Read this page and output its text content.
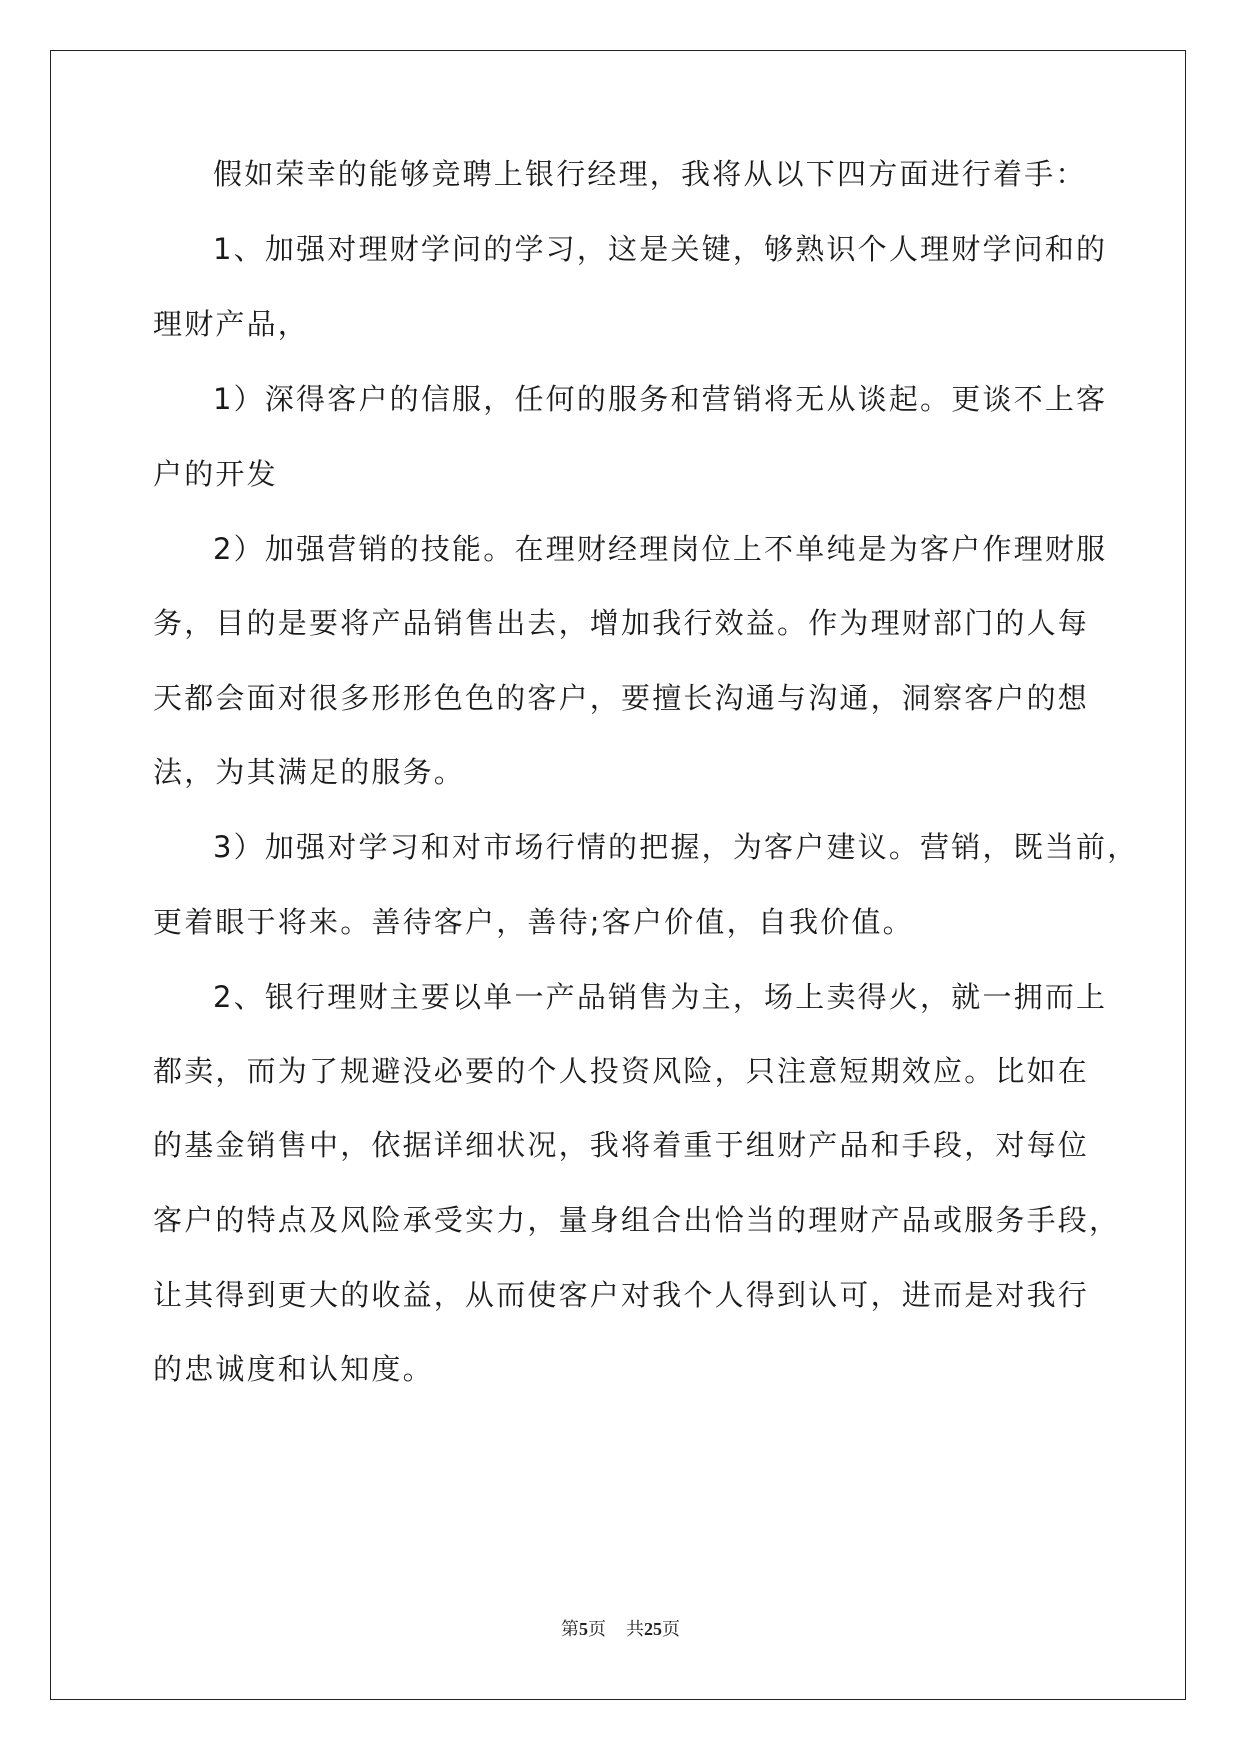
假如荣幸的能够竞聘上银行经理，我将从以下四方面进行着手：
1、加强对理财学问的学习，这是关键，够熟识个人理财学问和的
理财产品，
1）深得客户的信服，任何的服务和营销将无从谈起。更谈不上客
户的开发
2）加强营销的技能。在理财经理岗位上不单纯是为客户作理财服
务，目的是要将产品销售出去，增加我行效益。作为理财部门的人每
天都会面对很多形形色色的客户，要擅长沟通与沟通，洞察客户的想
法，为其满足的服务。
3）加强对学习和对市场行情的把握，为客户建议。营销，既当前，
更着眼于将来。善待客户，善待;客户价值，自我价值。
2、银行理财主要以单一产品销售为主，场上卖得火，就一拥而上
都卖，而为了规避没必要的个人投资风险，只注意短期效应。比如在
的基金销售中，依据详细状况，我将着重于组财产品和手段，对每位
客户的特点及风险承受实力，量身组合出恰当的理财产品或服务手段，
让其得到更大的收益，从而使客户对我个人得到认可，进而是对我行
的忠诚度和认知度。
第5页 共25页
